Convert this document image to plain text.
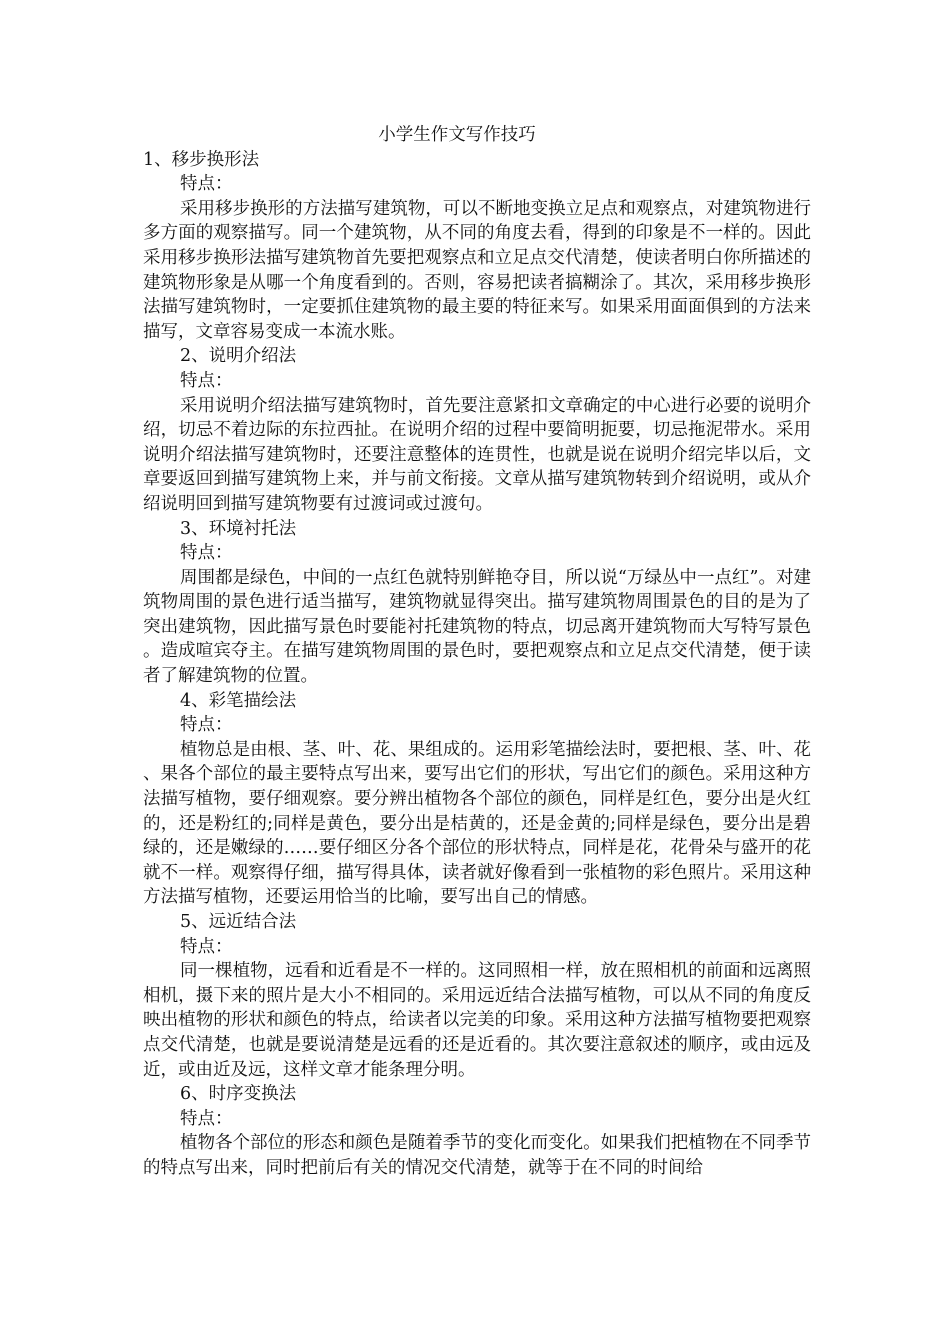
小学生作文写作技巧

1、移步换形法

特点：

采用移步换形的方法描写建筑物，可以不断地变换立足点和观察点，对建筑物进行多方面的观察描写。同一个建筑物，从不同的角度去看，得到的印象是不一样的。因此采用移步换形法描写建筑物首先要把观察点和立足点交代清楚，使读者明白你所描述的建筑物形象是从哪一个角度看到的。否则，容易把读者搞糊涂了。其次，采用移步换形法描写建筑物时，一定要抓住建筑物的最主要的特征来写。如果采用面面俱到的方法来描写，文章容易变成一本流水账。

2、说明介绍法

特点：

采用说明介绍法描写建筑物时，首先要注意紧扣文章确定的中心进行必要的说明介绍，切忌不着边际的东拉西扯。在说明介绍的过程中要简明扼要，切忌拖泥带水。采用说明介绍法描写建筑物时，还要注意整体的连贯性，也就是说在说明介绍完毕以后，文章要返回到描写建筑物上来，并与前文衔接。文章从描写建筑物转到介绍说明，或从介绍说明回到描写建筑物要有过渡词或过渡句。

3、环境衬托法

特点：

周围都是绿色，中间的一点红色就特别鲜艳夺目，所以说“万绿丛中一点红”。对建筑物周围的景色进行适当描写，建筑物就显得突出。描写建筑物周围景色的目的是为了突出建筑物，因此描写景色时要能衬托建筑物的特点，切忌离开建筑物而大写特写景色。造成喧宾夺主。在描写建筑物周围的景色时，要把观察点和立足点交代清楚，便于读者了解建筑物的位置。

4、彩笔描绘法

特点：

植物总是由根、茎、叶、花、果组成的。运用彩笔描绘法时，要把根、茎、叶、花、果各个部位的最主要特点写出来，要写出它们的形状，写出它们的颜色。采用这种方法描写植物，要仔细观察。要分辨出植物各个部位的颜色，同样是红色，要分出是火红的，还是粉红的;同样是黄色，要分出是桔黄的，还是金黄的;同样是绿色，要分出是碧绿的，还是嫩绿的……要仔细区分各个部位的形状特点，同样是花，花骨朵与盛开的花就不一样。观察得仔细，描写得具体，读者就好像看到一张植物的彩色照片。采用这种方法描写植物，还要运用恰当的比喻，要写出自己的情感。

5、远近结合法

特点：

同一棵植物，远看和近看是不一样的。这同照相一样，放在照相机的前面和远离照相机，摄下来的照片是大小不相同的。采用远近结合法描写植物，可以从不同的角度反映出植物的形状和颜色的特点，给读者以完美的印象。采用这种方法描写植物要把观察点交代清楚，也就是要说清楚是远看的还是近看的。其次要注意叙述的顺序，或由远及近，或由近及远，这样文章才能条理分明。

6、时序变换法

特点：

植物各个部位的形态和颜色是随着季节的变化而变化。如果我们把植物在不同季节的特点写出来，同时把前后有关的情况交代清楚，就等于在不同的时间给
